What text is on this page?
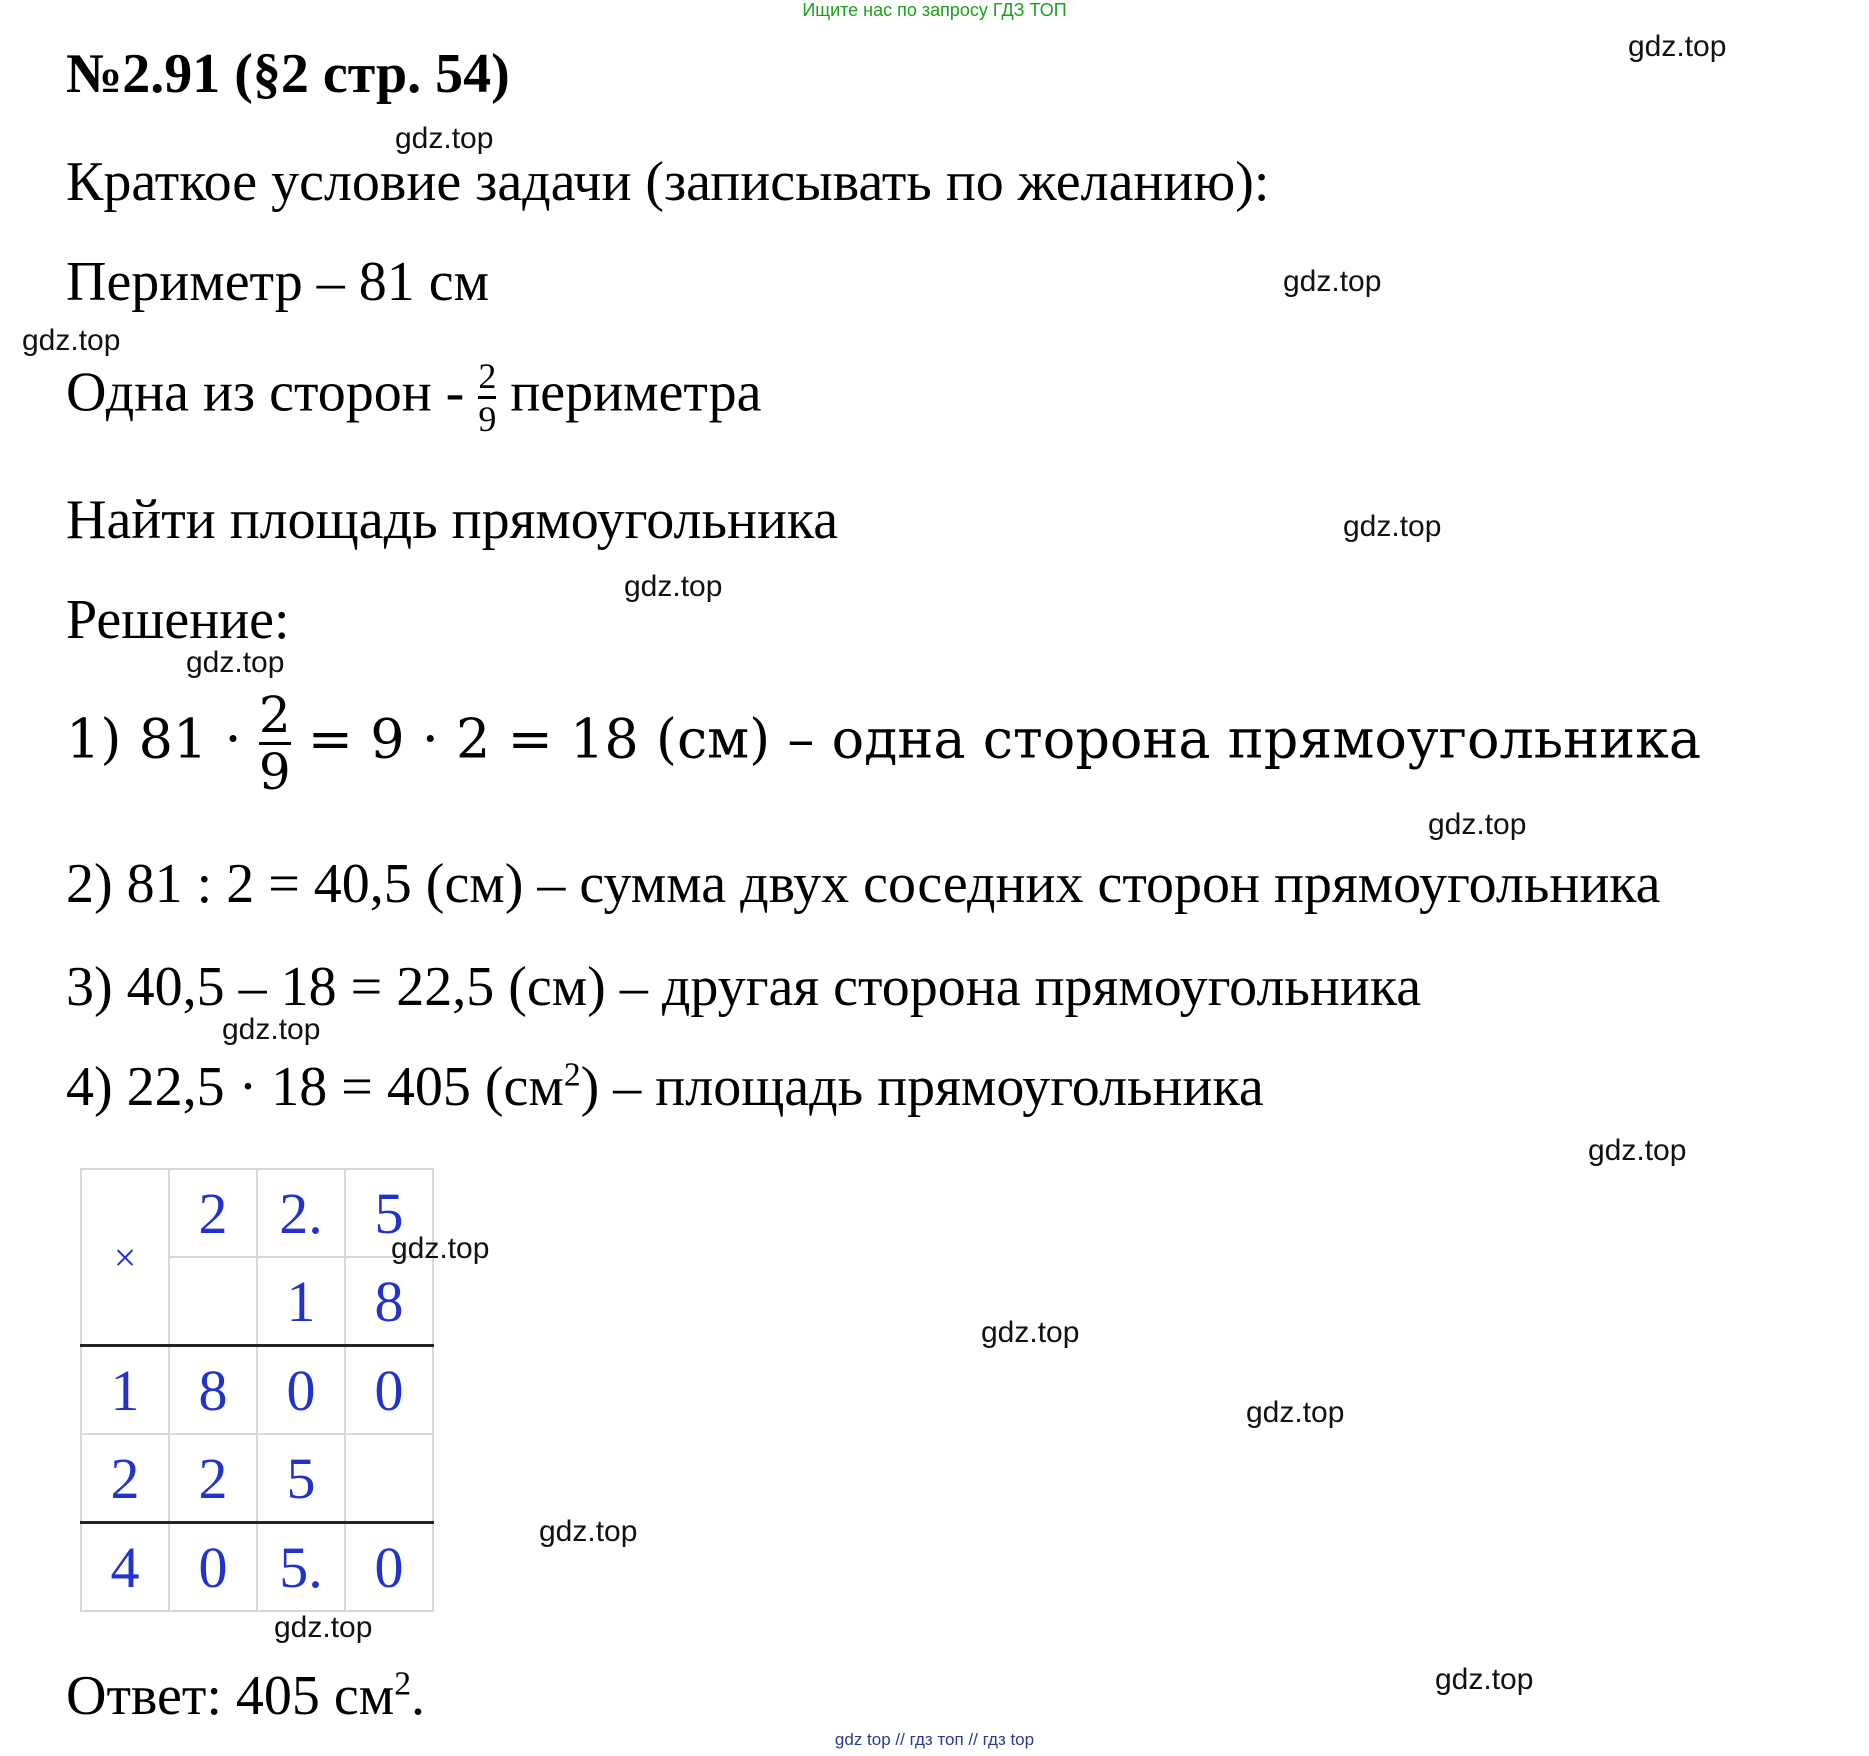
Ищите нас по запросу ГДЗ ТОП
№2.91 (§2 стр. 54)
Краткое условие задачи (записывать по желанию):
Периметр – 81 см
Одна из сторон - $\frac{2}{9}$ периметра
Найти площадь прямоугольника
Решение:
1) $81 \cdot \frac{2}{9} = 9 \cdot 2 = 18$ (см) – одна сторона прямоугольника
2) 81 : 2 = 40,5 (см) – сумма двух соседних сторон прямоугольника
3) 40,5 – 18 = 22,5 (см) – другая сторона прямоугольника
4) 22,5 · 18 = 405 $(см^2)$ – площадь прямоугольника
×	2	2.	5
		1	8
1	8	0	0
2	2	5	
4	0	5.	0
Ответ: 405 $см^2$.
gdz.top
gdz.top
gdz.top
gdz.top
gdz.top
gdz.top
gdz.top
gdz.top
gdz.top
gdz.top
gdz.top
gdz.top
gdz.top
gdz.top
gdz.top
gdz.top
gdz top // гдз топ // гдз top
